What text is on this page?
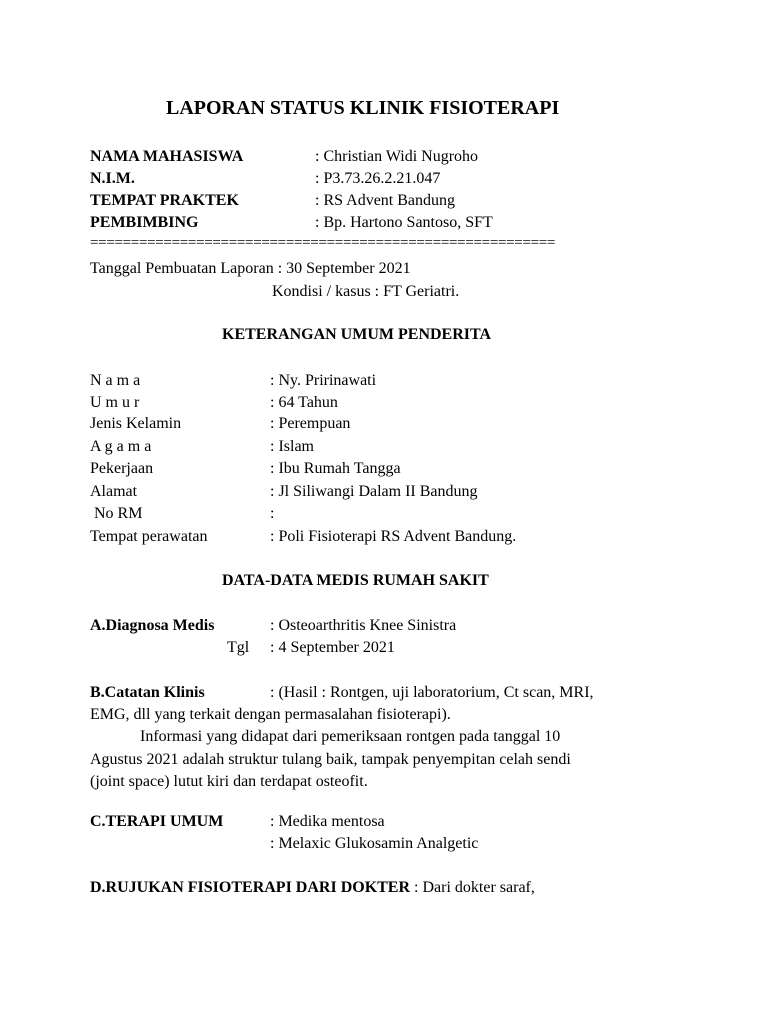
LAPORAN STATUS KLINIK FISIOTERAPI
NAMA MAHASISWA	: Christian Widi Nugroho
N.I.M.	: P3.73.26.2.21.047
TEMPAT PRAKTEK	: RS Advent Bandung
PEMBIMBING	: Bp. Hartono Santoso, SFT
=========================================================
Tanggal Pembuatan Laporan : 30 September 2021
Kondisi / kasus : FT Geriatri.
KETERANGAN UMUM PENDERITA
N a m a	: Ny. Pririnawati
U m u r	: 64 Tahun
Jenis Kelamin	: Perempuan
A g a m a	: Islam
Pekerjaan	: Ibu Rumah Tangga
Alamat	: Jl Siliwangi Dalam II Bandung
No RM	:
Tempat perawatan	: Poli Fisioterapi RS Advent Bandung.
DATA-DATA MEDIS RUMAH SAKIT
A.Diagnosa Medis	: Osteoarthritis Knee Sinistra
Tgl : 4 September 2021
B.Catatan Klinis	: (Hasil : Rontgen, uji laboratorium, Ct scan, MRI,
EMG, dll yang terkait dengan permasalahan fisioterapi).
Informasi yang didapat dari pemeriksaan rontgen pada tanggal 10
Agustus 2021 adalah struktur tulang baik, tampak penyempitan celah sendi
(joint space) lutut kiri dan terdapat osteofit.
C.TERAPI UMUM	: Medika mentosa
: Melaxic Glukosamin Analgetic
D.RUJUKAN FISIOTERAPI DARI DOKTER : Dari dokter saraf,
